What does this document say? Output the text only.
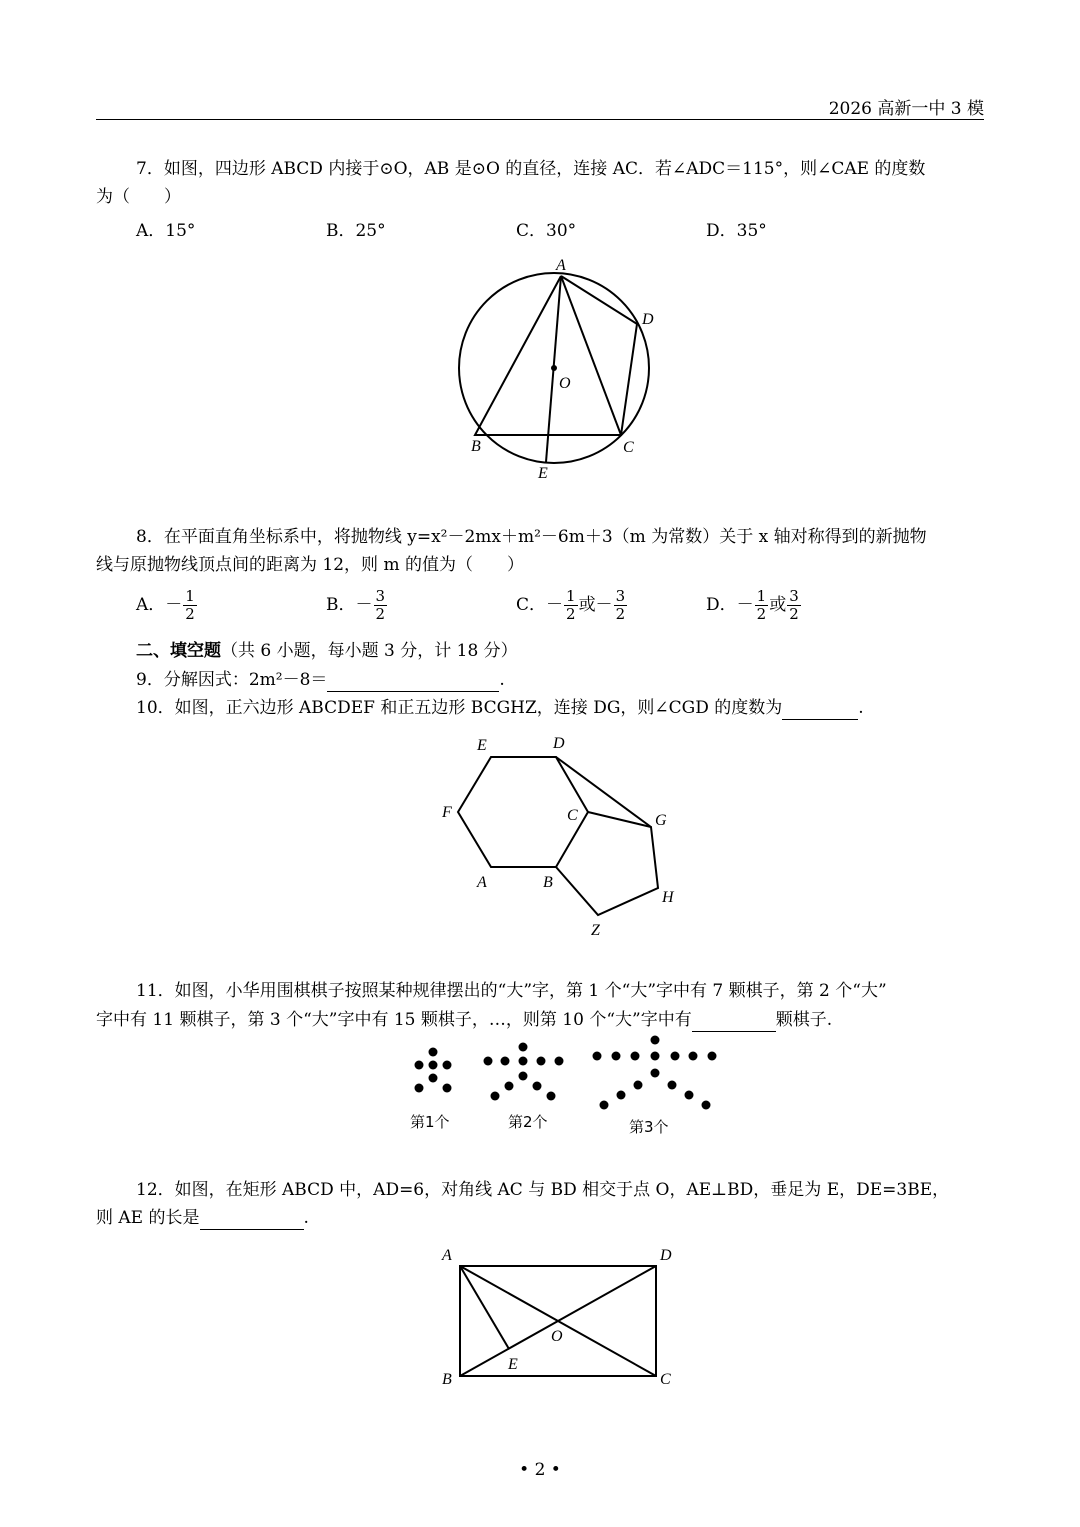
2026 高新一中 3 模
7．如图，四边形 ABCD 内接于⊙O，AB 是⊙O 的直径，连接 AC．若∠ADC＝115°，则∠CAE 的度数
为（　　）
A．15°	B．25°	C．30°	D．35°
A
D
O
B	C
E
8．在平面直角坐标系中，将抛物线 y=x²－2mx＋m²－6m＋3（m 为常数）关于 x 轴对称得到的新抛物
线与原抛物线顶点间的距离为 12，则 m 的值为（　　）
A．－ $\frac{1}{2}$	B．－ $\frac{3}{2}$	C．－ $\frac{1}{2}$ 或－ $\frac{3}{2}$	D．－ $\frac{1}{2}$ 或 $\frac{3}{2}$
二、填空题（共 6 小题，每小题 3 分，计 18 分）
9．分解因式：2m²－8＝	.
10．如图，正六边形 ABCDEF 和正五边形 BCGHZ，连接 DG，则∠CGD 的度数为	.
E	D
F	C	G
A	B
H
Z
11．如图，小华用围棋棋子按照某种规律摆出的“大”字，第 1 个“大”字中有 7 颗棋子，第 2 个“大”
字中有 11 颗棋子，第 3 个“大”字中有 15 颗棋子，…，则第 10 个“大”字中有	颗棋子.
第1个	第2个	第3个
12．如图，在矩形 ABCD 中，AD=6，对角线 AC 与 BD 相交于点 O，AE⊥BD，垂足为 E，DE=3BE，
则 AE 的长是	.
A	D
O
E
B	C
• 2 •
